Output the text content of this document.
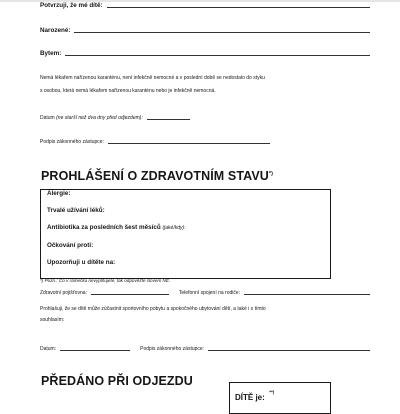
Potvrzuji, že mé dítě:
Narozené:
Bytem:
Nemá lékařem nařízenou karanténu, není infekčně nemocné a v poslední době se nedostalo do styku
s osobou, která nemá lékařem nařízenou karanténu nebo je infekčně nemocná.
Datum
(ne starší než dva dny před odjezdem):
Podpis zákonného zástupce:
PROHLÁŠENÍ O ZDRAVOTNÍM STAVU*)
Alergie:
Trvalé užívání léků:
Antibiotika za posledních šest měsíců
(jaké/kdy):
Očkování proti:
Upozorňuji u dítěte na:
*) Pozn.: Co v rámečku nevyplňujete, tak odpovězte slovem NE.
Zdravotní pojišťovna:	Telefonní spojení na rodiče:
Prohlašuji, že se dítě může zúčastnit sportovního pobytu a spokočného ubytování dětí, a také i s tímto
souhlasím:
Datum:	Podpis zákonného zástupce:
PŘEDÁNO PŘI ODJEZDU
DÍTĚ je: **)
